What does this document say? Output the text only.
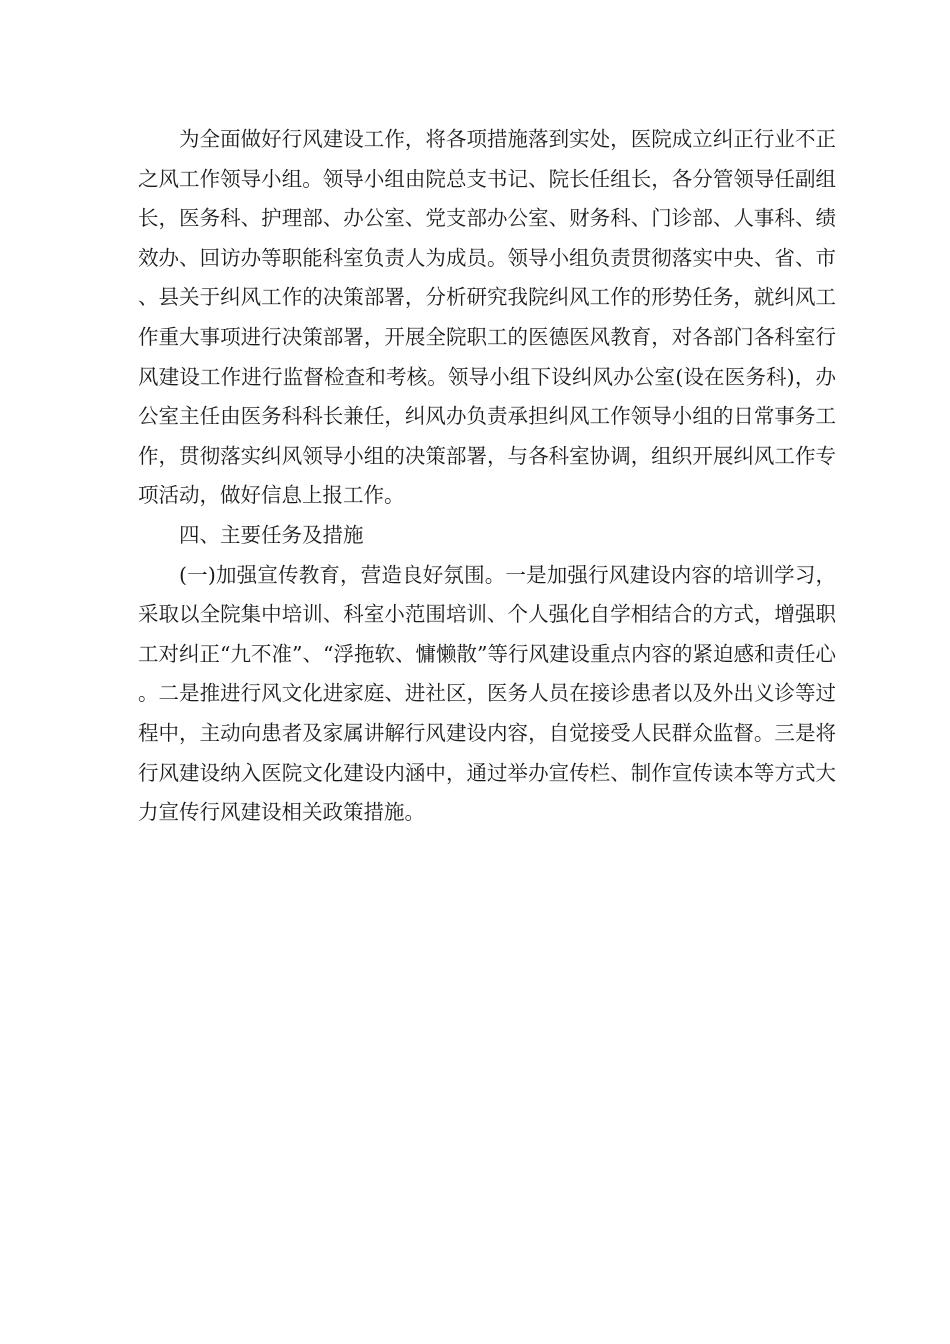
为全面做好行风建设工作，将各项措施落到实处，医院成立纠正行业不正之风工作领导小组。领导小组由院总支书记、院长任组长，各分管领导任副组长，医务科、护理部、办公室、党支部办公室、财务科、门诊部、人事科、绩效办、回访办等职能科室负责人为成员。领导小组负责贯彻落实中央、省、市、县关于纠风工作的决策部署，分析研究我院纠风工作的形势任务，就纠风工作重大事项进行决策部署，开展全院职工的医德医风教育，对各部门各科室行风建设工作进行监督检查和考核。领导小组下设纠风办公室(设在医务科)，办公室主任由医务科科长兼任，纠风办负责承担纠风工作领导小组的日常事务工作，贯彻落实纠风领导小组的决策部署，与各科室协调，组织开展纠风工作专项活动，做好信息上报工作。

四、主要任务及措施

(一)加强宣传教育，营造良好氛围。一是加强行风建设内容的培训学习，采取以全院集中培训、科室小范围培训、个人强化自学相结合的方式，增强职工对纠正“九不准”、“浮拖软、慵懒散”等行风建设重点内容的紧迫感和责任心。二是推进行风文化进家庭、进社区，医务人员在接诊患者以及外出义诊等过程中，主动向患者及家属讲解行风建设内容，自觉接受人民群众监督。三是将行风建设纳入医院文化建设内涵中，通过举办宣传栏、制作宣传读本等方式大力宣传行风建设相关政策措施。
